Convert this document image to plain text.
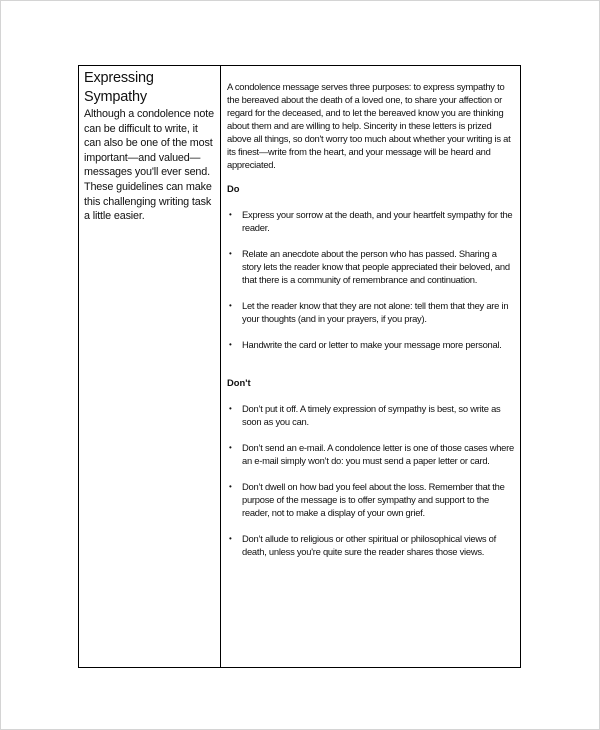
Expressing Sympathy

Although a condolence note can be difficult to write, it can also be one of the most important—and valued—messages you'll ever send. These guidelines can make this challenging writing task a little easier.

A condolence message serves three purposes: to express sympathy to the bereaved about the death of a loved one, to share your affection or regard for the deceased, and to let the bereaved know you are thinking about them and are willing to help. Sincerity in these letters is prized above all things, so don't worry too much about whether your writing is at its finest—write from the heart, and your message will be heard and appreciated.

Do
• Express your sorrow at the death, and your heartfelt sympathy for the reader.
• Relate an anecdote about the person who has passed. Sharing a story lets the reader know that people appreciated their beloved, and that there is a community of remembrance and continuation.
• Let the reader know that they are not alone: tell them that they are in your thoughts (and in your prayers, if you pray).
• Handwrite the card or letter to make your message more personal.
Don't
• Don’t put it off. A timely expression of sympathy is best, so write as soon as you can.
• Don’t send an e-mail. A condolence letter is one of those cases where an e-mail simply won’t do: you must send a paper letter or card.
• Don’t dwell on how bad you feel about the loss. Remember that the purpose of the message is to offer sympathy and support to the reader, not to make a display of your own grief.
• Don’t allude to religious or other spiritual or philosophical views of death, unless you're quite sure the reader shares those views.
